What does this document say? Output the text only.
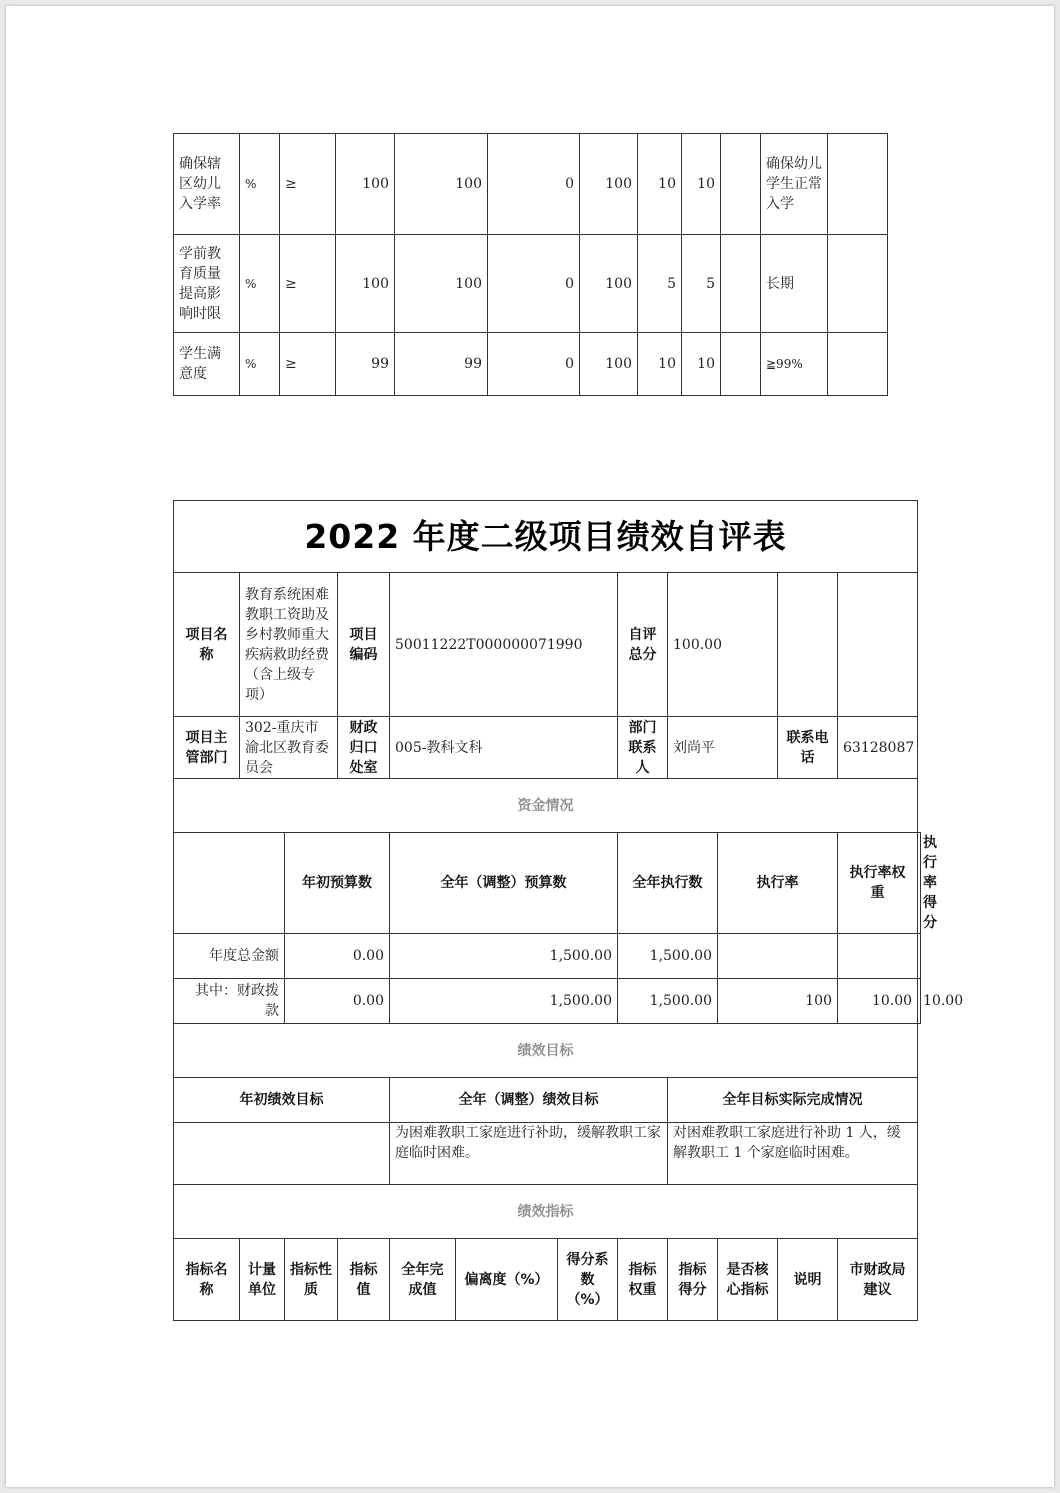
确保辖区幼儿入学率	%	≥	100	100	0	100	10	10		确保幼儿学生正常入学	
学前教育质量提高影响时限	%	≥	100	100	0	100	5	5		长期	
学生满意度	%	≥	99	99	0	100	10	10		≧99%	
2022 年度二级项目绩效自评表												
项目名称	教育系统困难教职工资助及乡村教师重大疾病救助经费（含上级专项）		项目编码	50011222T000000071990			自评总分	100.00				
项目主管部门	302-重庆市渝北区教育委员会		财政归口处室	005-教科文科			部门联系人	刘尚平		联系电话	63128087	
资金情况												
		年初预算数		全年（调整）预算数			全年执行数		执行率		执行率权重	执行率得分
年度总金额		0.00		1,500.00			1,500.00					
其中：财政拨款		0.00		1,500.00			1,500.00		100		10.00	10.00
绩效目标												
年初绩效目标				全年（调整）绩效目标				全年目标实际完成情况				
				为困难教职工家庭进行补助，缓解教职工家庭临时困难。				对困难教职工家庭进行补助 1 人，缓解教职工 1 个家庭临时困难。				
绩效指标												
指标名称	计量单位	指标性质	指标值	全年完成值	偏离度（%）	得分系数（%）	指标权重	指标得分	是否核心指标	说明	市财政局建议	
